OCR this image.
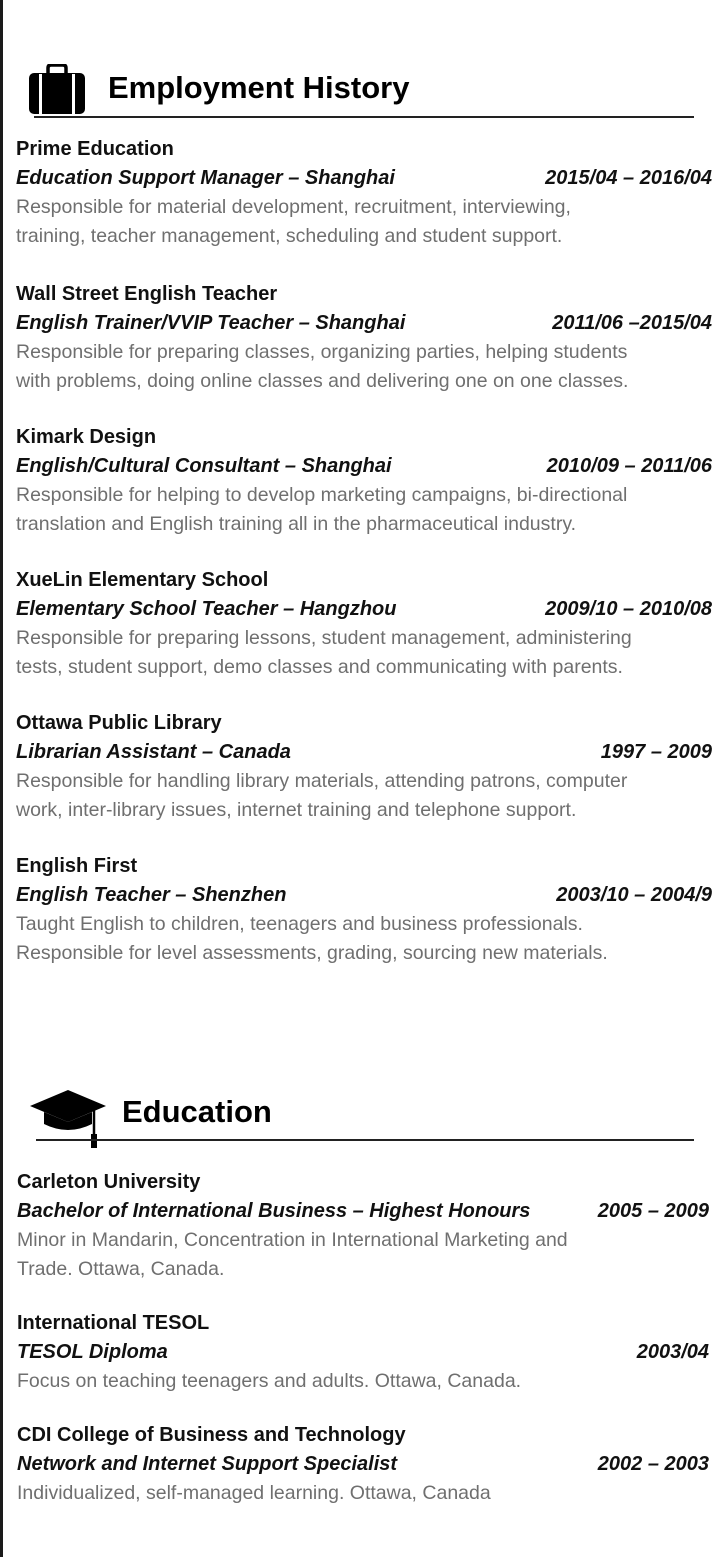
Employment History
Prime Education
Education Support Manager – Shanghai	2015/04 – 2016/04
Responsible for material development, recruitment, interviewing,
training, teacher management, scheduling and student support.
Wall Street English Teacher
English Trainer/VVIP Teacher – Shanghai	2011/06 –2015/04
Responsible for preparing classes, organizing parties, helping students
with problems, doing online classes and delivering one on one classes.
Kimark Design
English/Cultural Consultant – Shanghai	2010/09 – 2011/06
Responsible for helping to develop marketing campaigns, bi-directional
translation and English training all in the pharmaceutical industry.
XueLin Elementary School
Elementary School Teacher – Hangzhou	2009/10 – 2010/08
Responsible for preparing lessons, student management, administering
tests, student support, demo classes and communicating with parents.
Ottawa Public Library
Librarian Assistant – Canada	1997 – 2009
Responsible for handling library materials, attending patrons, computer
work, inter-library issues, internet training and telephone support.
English First
English Teacher – Shenzhen	2003/10 – 2004/9
Taught English to children, teenagers and business professionals.
Responsible for level assessments, grading, sourcing new materials.
Education
Carleton University
Bachelor of International Business – Highest Honours	2005 – 2009
Minor in Mandarin, Concentration in International Marketing and
Trade. Ottawa, Canada.
International TESOL
TESOL Diploma	2003/04
Focus on teaching teenagers and adults. Ottawa, Canada.
CDI College of Business and Technology
Network and Internet Support Specialist	2002 – 2003
Individualized, self-managed learning. Ottawa, Canada
